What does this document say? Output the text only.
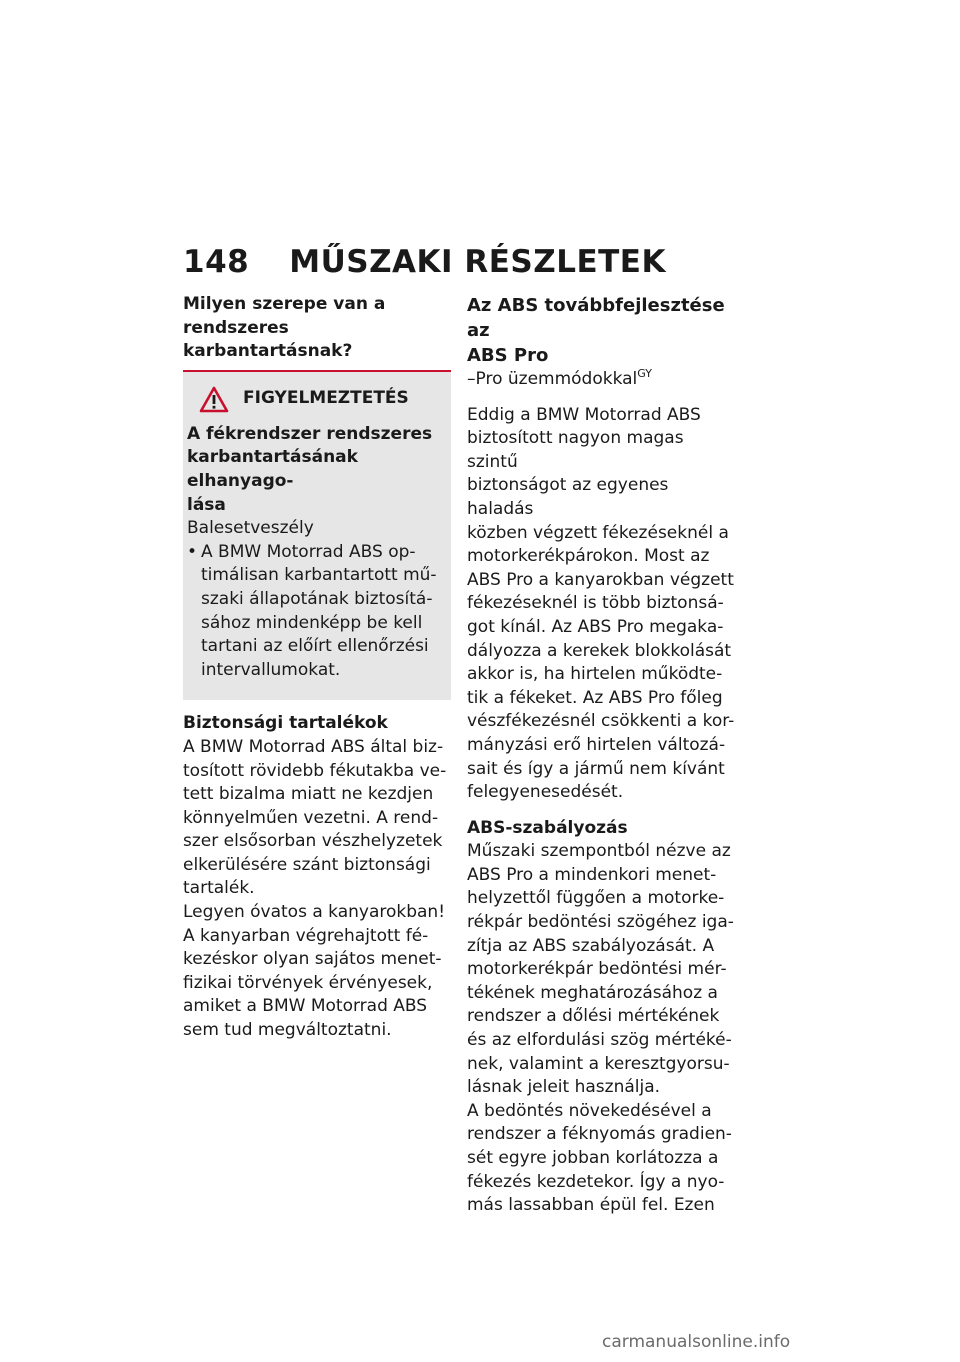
148 MŰSZAKI RÉSZLETEK
Milyen szerepe van a
rendszeres karbantartásnak?
FIGYELMEZTETÉS
A fékrendszer rendszeres
karbantartásának elhanyago-
lása
Balesetveszély
• A BMW Motorrad ABS op-
timálisan karbantartott mű-
szaki állapotának biztosítá-
sához mindenképp be kell
tartani az előírt ellenőrzési
intervallumokat.
Biztonsági tartalékok
A BMW Motorrad ABS által biz-
tosított rövidebb fékutakba ve-
tett bizalma miatt ne kezdjen
könnyelműen vezetni. A rend-
szer elsősorban vészhelyzetek
elkerülésére szánt biztonsági
tartalék.
Legyen óvatos a kanyarokban!
A kanyarban végrehajtott fé-
kezéskor olyan sajátos menet-
fizikai törvények érvényesek,
amiket a BMW Motorrad ABS
sem tud megváltoztatni.
Az ABS továbbfejlesztése az
ABS Pro
–Pro üzemmódokkal$^{GY}$
Eddig a BMW Motorrad ABS
biztosított nagyon magas szintű
biztonságot az egyenes haladás
közben végzett fékezéseknél a
motorkerékpárokon. Most az
ABS Pro a kanyarokban végzett
fékezéseknél is több biztonsá-
got kínál. Az ABS Pro megaka-
dályozza a kerekek blokkolását
akkor is, ha hirtelen működte-
tik a fékeket. Az ABS Pro főleg
vészfékezésnél csökkenti a kor-
mányzási erő hirtelen változá-
sait és így a jármű nem kívánt
felegyenesedését.
ABS-szabályozás
Műszaki szempontból nézve az
ABS Pro a mindenkori menet-
helyzettől függően a motorke-
rékpár bedöntési szögéhez iga-
zítja az ABS szabályozását. A
motorkerékpár bedöntési mér-
tékének meghatározásához a
rendszer a dőlési mértékének
és az elfordulási szög mértéké-
nek, valamint a keresztgyorsu-
lásnak jeleit használja.
A bedöntés növekedésével a
rendszer a féknyomás gradien-
sét egyre jobban korlátozza a
fékezés kezdetekor. Így a nyo-
más lassabban épül fel. Ezen
carmanualsonline.info
